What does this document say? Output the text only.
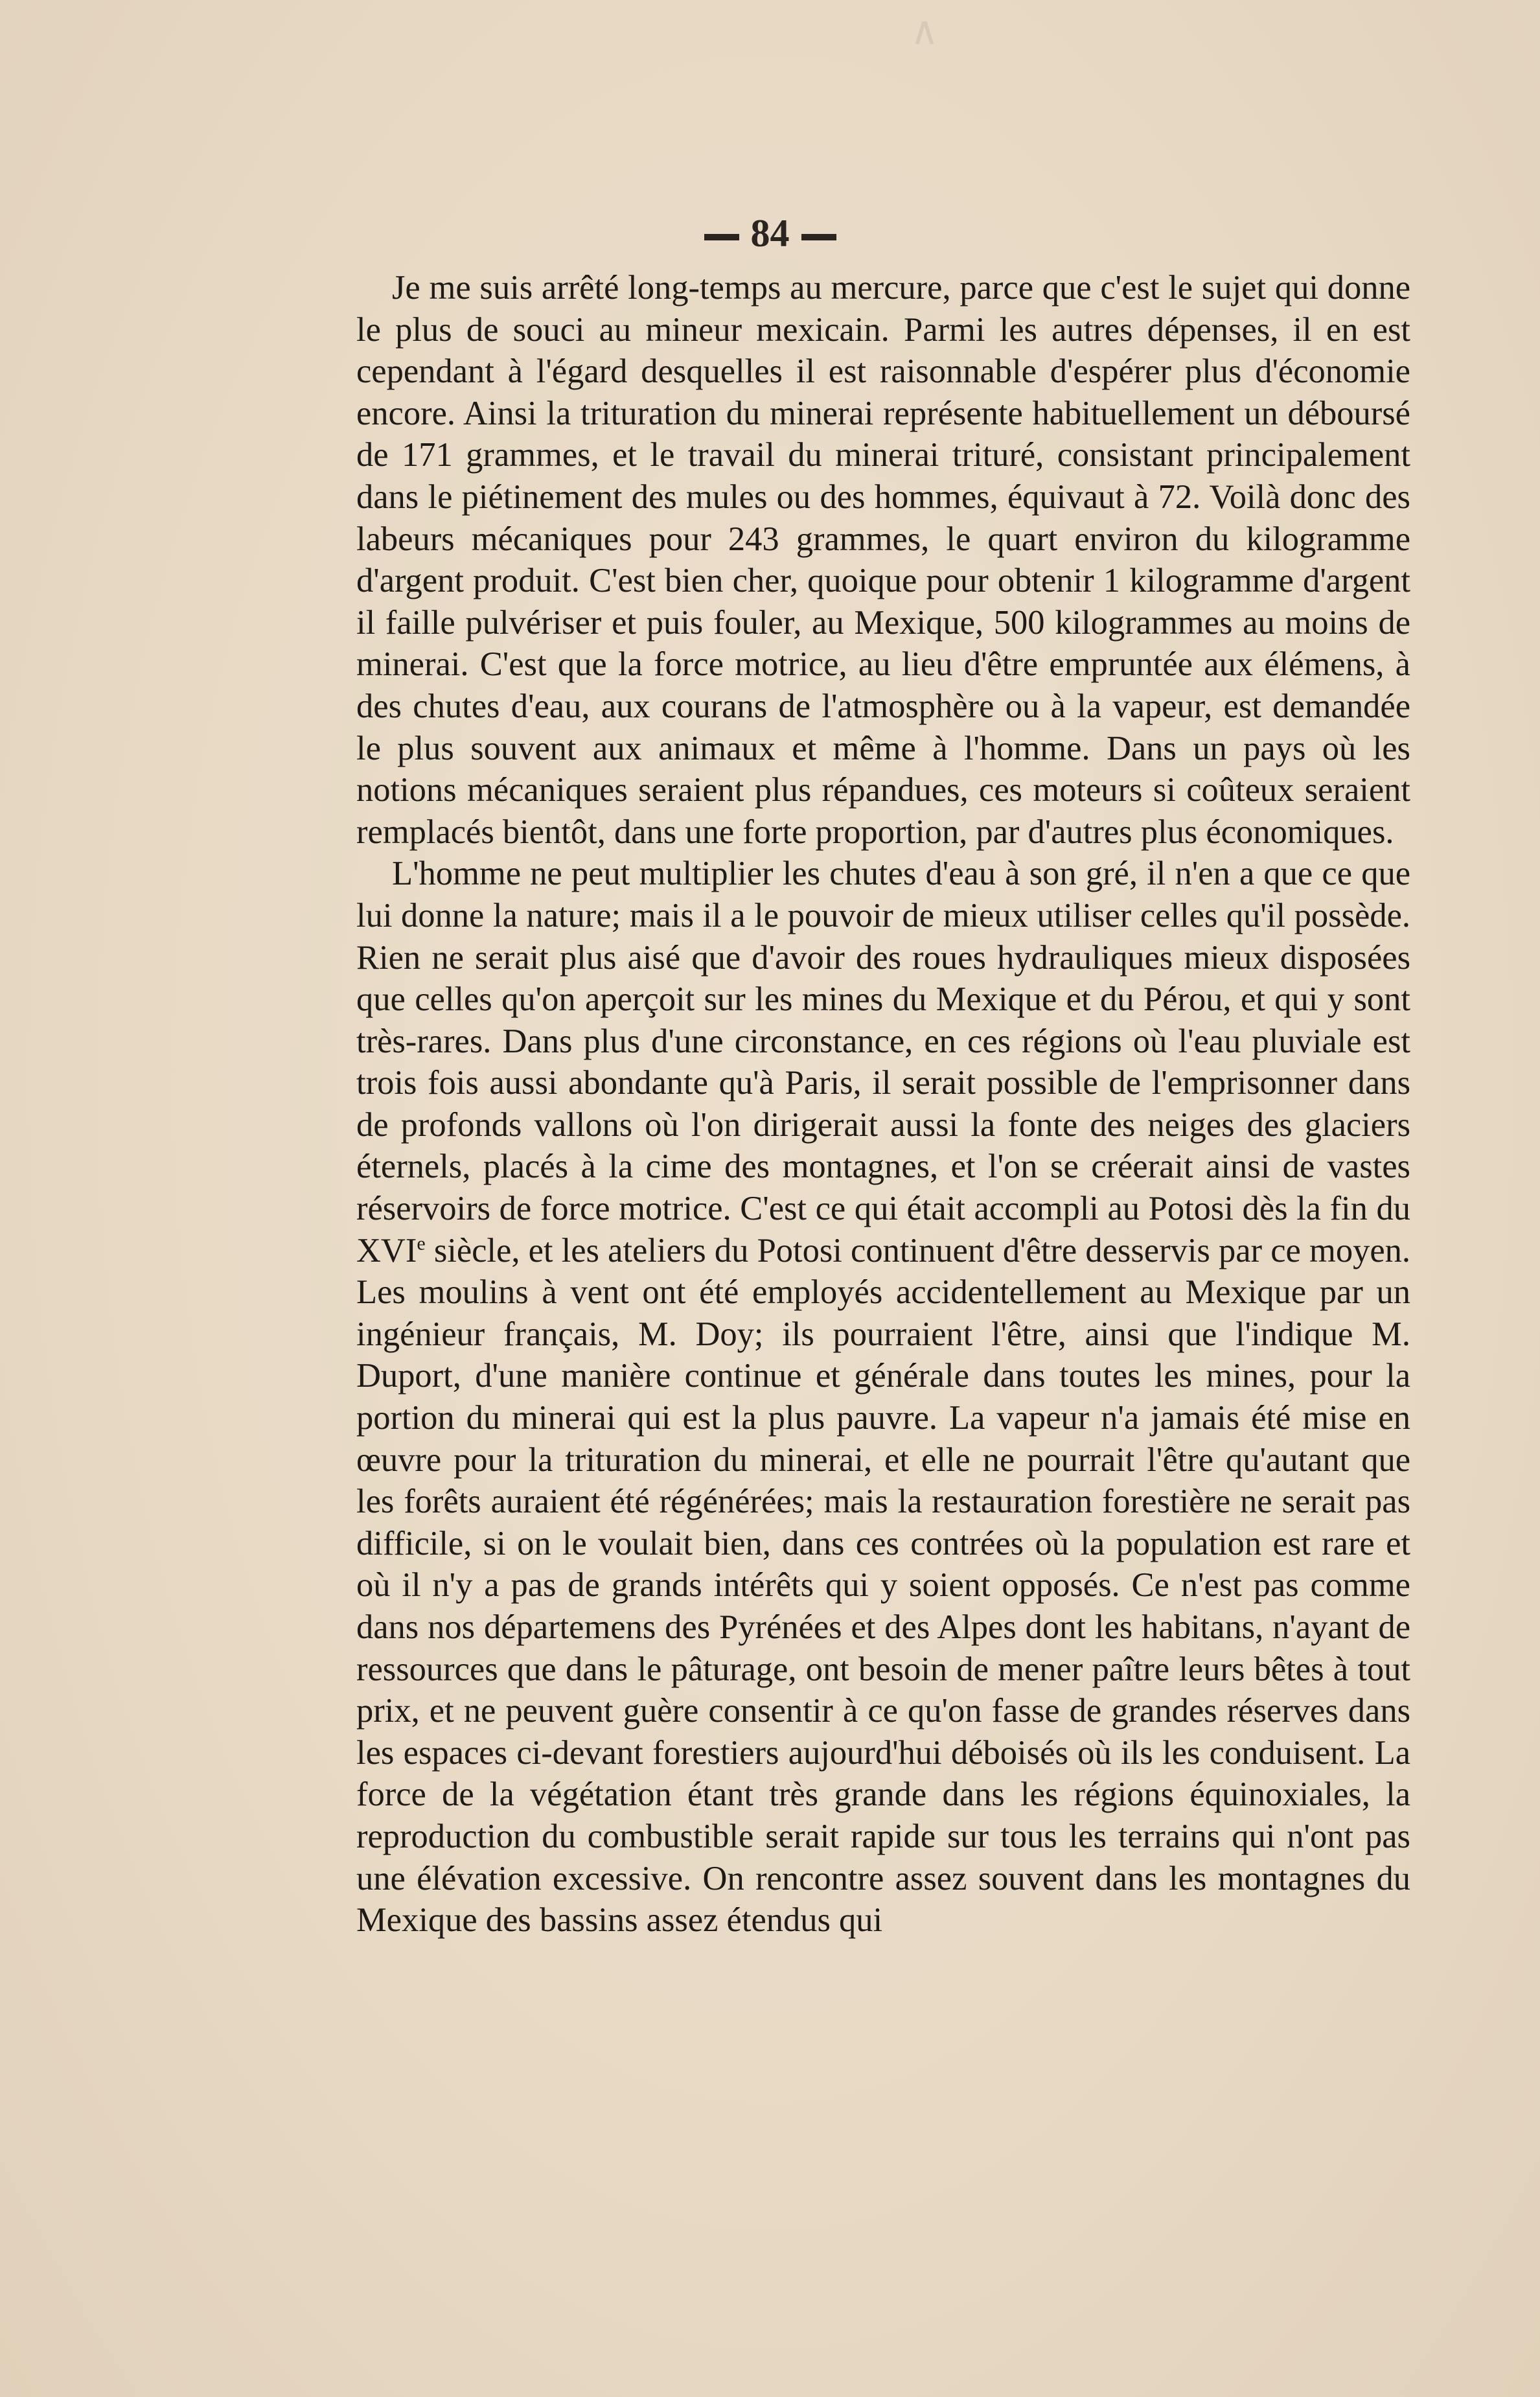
∧
84

Je me suis arrêté long-temps au mercure, parce que c'est le sujet qui donne le plus de souci au mineur mexicain. Parmi les autres dépenses, il en est cependant à l'égard desquelles il est raisonnable d'espérer plus d'économie encore. Ainsi la trituration du minerai représente habituellement un déboursé de 171 grammes, et le travail du minerai trituré, consistant principalement dans le piétinement des mules ou des hommes, équivaut à 72. Voilà donc des labeurs mécaniques pour 243 grammes, le quart environ du kilogramme d'argent produit. C'est bien cher, quoique pour obtenir 1 kilogramme d'argent il faille pulvériser et puis fouler, au Mexique, 500 kilogrammes au moins de minerai. C'est que la force motrice, au lieu d'être empruntée aux élémens, à des chutes d'eau, aux courans de l'atmosphère ou à la vapeur, est demandée le plus souvent aux animaux et même à l'homme. Dans un pays où les notions mécaniques seraient plus répandues, ces moteurs si coûteux seraient remplacés bientôt, dans une forte proportion, par d'autres plus économiques.

L'homme ne peut multiplier les chutes d'eau à son gré, il n'en a que ce que lui donne la nature; mais il a le pouvoir de mieux utiliser celles qu'il possède. Rien ne serait plus aisé que d'avoir des roues hydrauliques mieux disposées que celles qu'on aperçoit sur les mines du Mexique et du Pérou, et qui y sont très-rares. Dans plus d'une circonstance, en ces régions où l'eau pluviale est trois fois aussi abondante qu'à Paris, il serait possible de l'emprisonner dans de profonds vallons où l'on dirigerait aussi la fonte des neiges des glaciers éternels, placés à la cime des montagnes, et l'on se créerait ainsi de vastes réservoirs de force motrice. C'est ce qui était accompli au Potosi dès la fin du XVIe siècle, et les ateliers du Potosi continuent d'être desservis par ce moyen. Les moulins à vent ont été employés accidentellement au Mexique par un ingénieur français, M. Doy; ils pourraient l'être, ainsi que l'indique M. Duport, d'une manière continue et générale dans toutes les mines, pour la portion du minerai qui est la plus pauvre. La vapeur n'a jamais été mise en œuvre pour la trituration du minerai, et elle ne pourrait l'être qu'autant que les forêts auraient été régénérées; mais la restauration forestière ne serait pas difficile, si on le voulait bien, dans ces contrées où la population est rare et où il n'y a pas de grands intérêts qui y soient opposés. Ce n'est pas comme dans nos départemens des Pyrénées et des Alpes dont les habitans, n'ayant de ressources que dans le pâturage, ont besoin de mener paître leurs bêtes à tout prix, et ne peuvent guère consentir à ce qu'on fasse de grandes réserves dans les espaces ci-devant forestiers aujourd'hui déboisés où ils les conduisent. La force de la végétation étant très grande dans les régions équinoxiales, la reproduction du combustible serait rapide sur tous les terrains qui n'ont pas une élévation excessive. On rencontre assez souvent dans les montagnes du Mexique des bassins assez étendus qui
